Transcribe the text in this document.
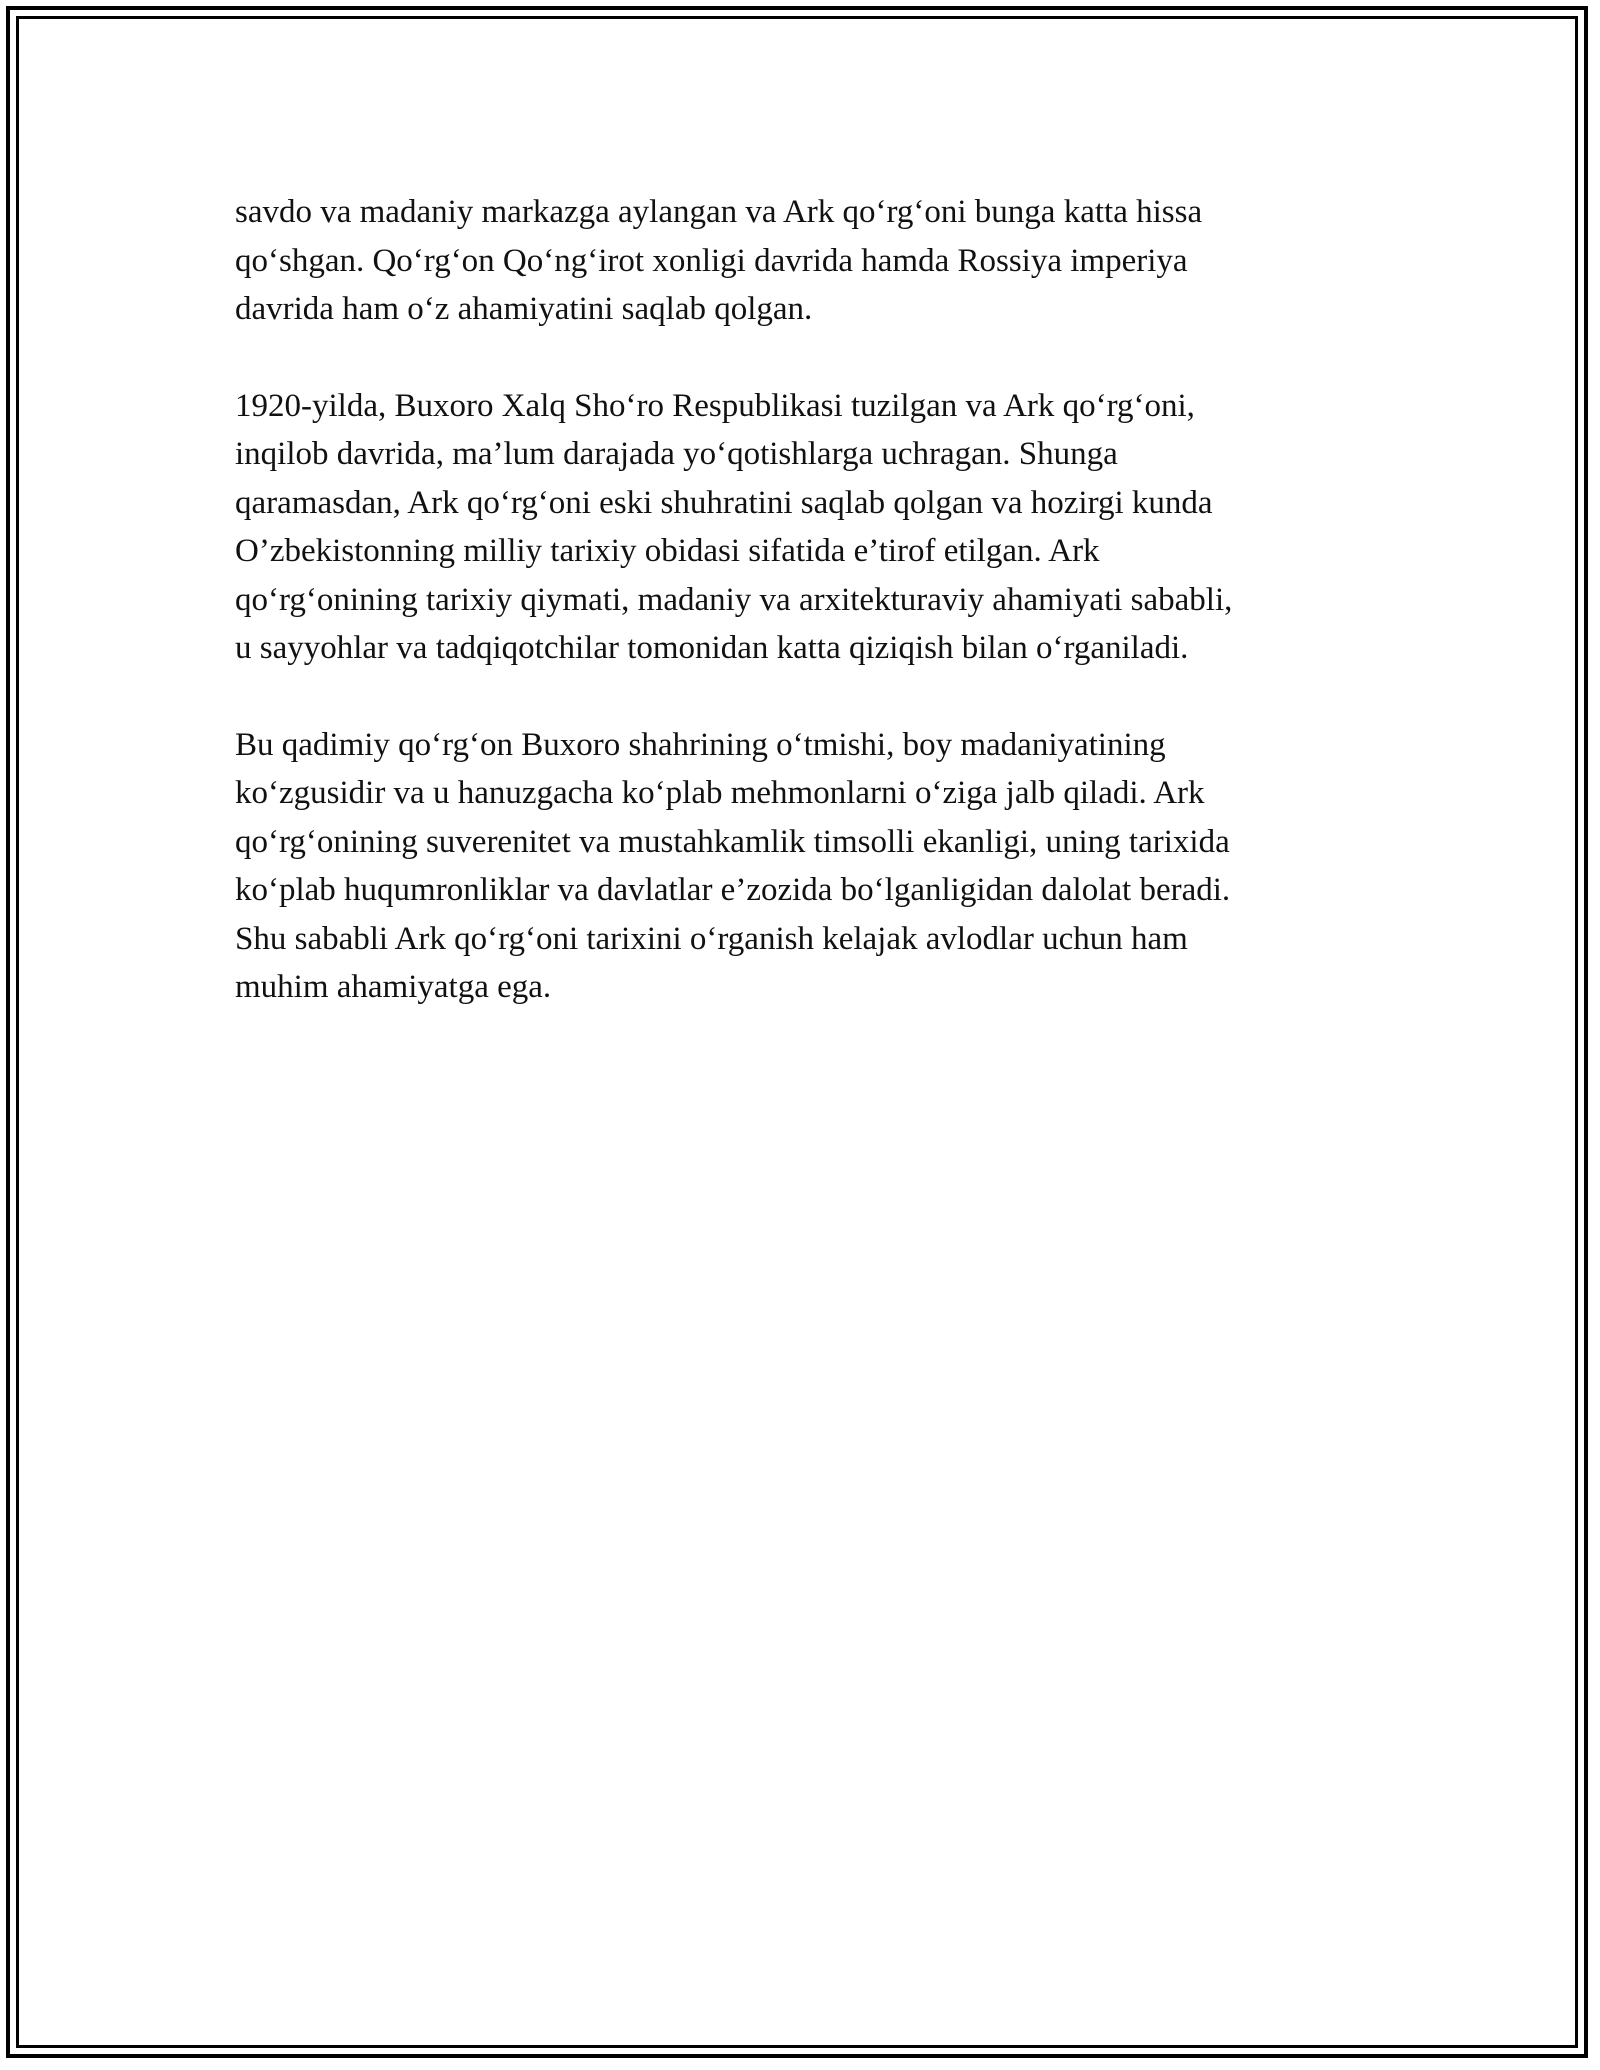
savdo va madaniy markazga aylangan va Ark qo‘rg‘oni bunga katta hissa
qo‘shgan. Qo‘rg‘on Qo‘ng‘irot xonligi davrida hamda Rossiya imperiya
davrida ham o‘z ahamiyatini saqlab qolgan.

1920-yilda, Buxoro Xalq Sho‘ro Respublikasi tuzilgan va Ark qo‘rg‘oni,
inqilob davrida, ma’lum darajada yo‘qotishlarga uchragan. Shunga
qaramasdan, Ark qo‘rg‘oni eski shuhratini saqlab qolgan va hozirgi kunda
O’zbekistonning milliy tarixiy obidasi sifatida e’tirof etilgan. Ark
qo‘rg‘onining tarixiy qiymati, madaniy va arxitekturaviy ahamiyati sababli,
u sayyohlar va tadqiqotchilar tomonidan katta qiziqish bilan o‘rganiladi.

Bu qadimiy qo‘rg‘on Buxoro shahrining o‘tmishi, boy madaniyatining
ko‘zgusidir va u hanuzgacha ko‘plab mehmonlarni o‘ziga jalb qiladi. Ark
qo‘rg‘onining suverenitet va mustahkamlik timsolli ekanligi, uning tarixida
ko‘plab huqumronliklar va davlatlar e’zozida bo‘lganligidan dalolat beradi.
Shu sababli Ark qo‘rg‘oni tarixini o‘rganish kelajak avlodlar uchun ham
muhim ahamiyatga ega.
